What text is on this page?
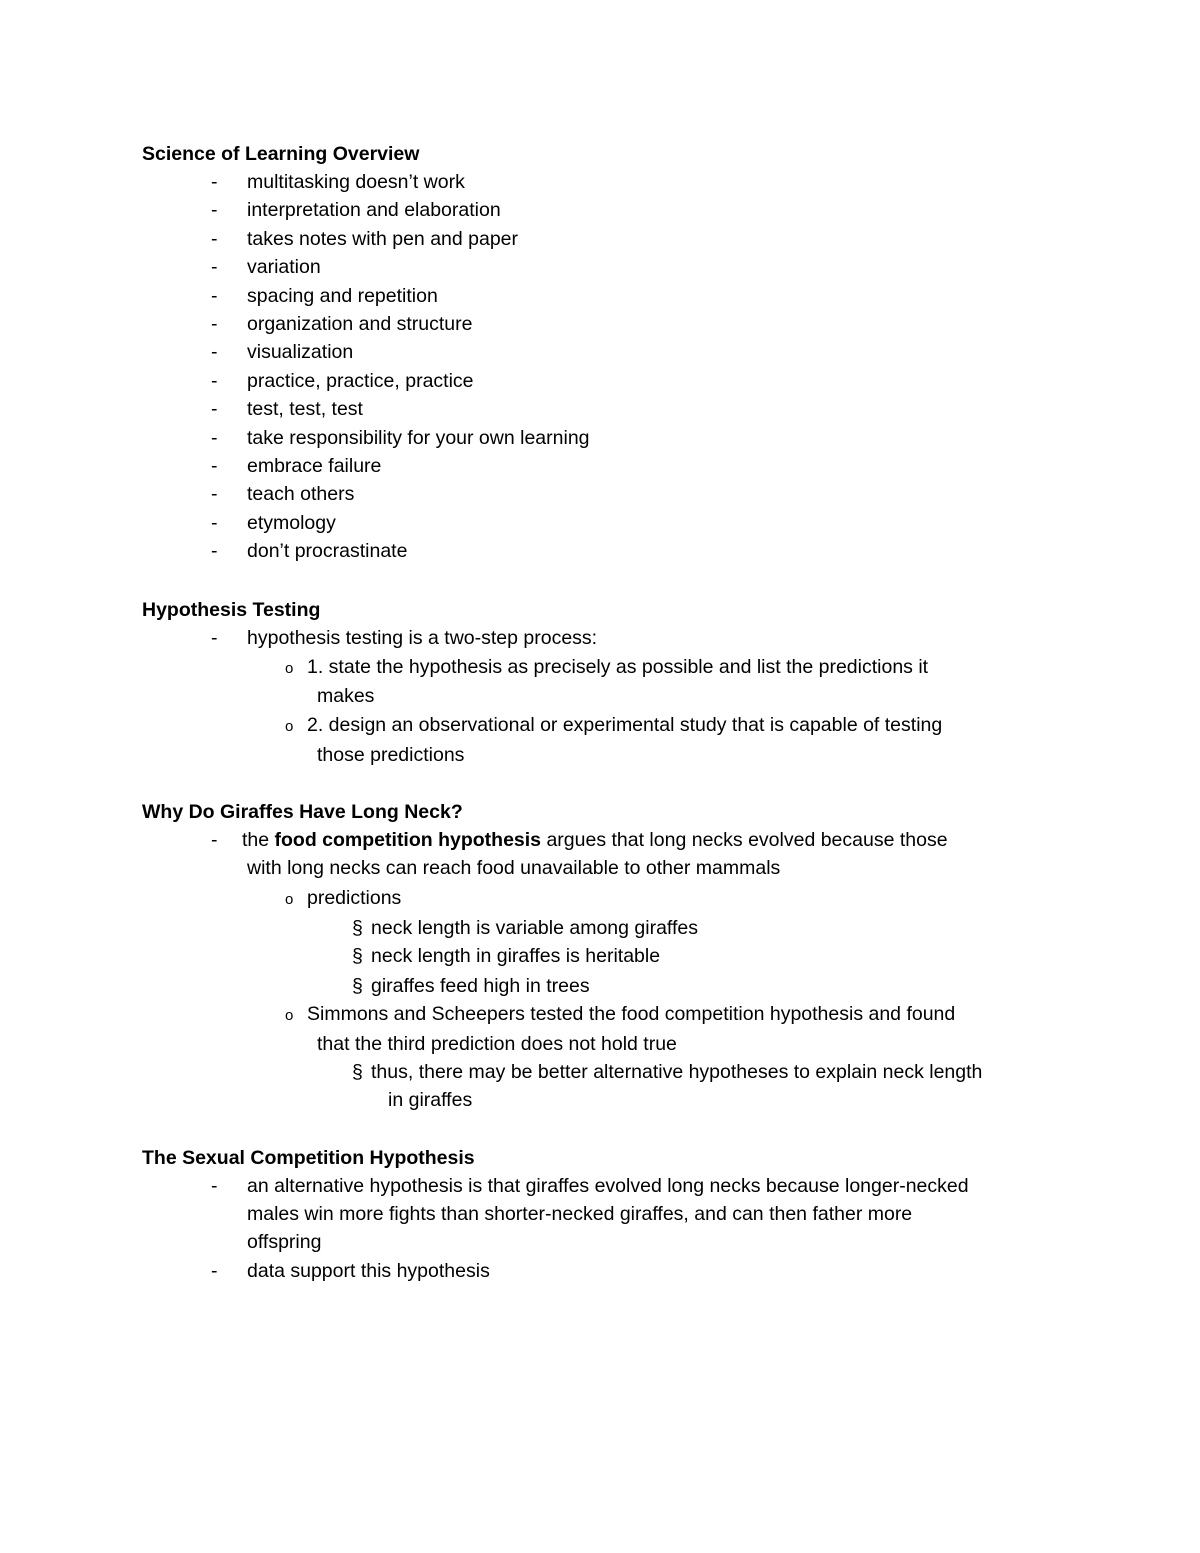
Science of Learning Overview
- multitasking doesn’t work
- interpretation and elaboration
- takes notes with pen and paper
- variation
- spacing and repetition
- organization and structure
- visualization
- practice, practice, practice
- test, test, test
- take responsibility for your own learning
- embrace failure
- teach others
- etymology
- don’t procrastinate
Hypothesis Testing
- hypothesis testing is a two-step process:
o 1. state the hypothesis as precisely as possible and list the predictions it
makes
o 2. design an observational or experimental study that is capable of testing
those predictions
Why Do Giraffes Have Long Neck?
- the food competition hypothesis argues that long necks evolved because those
with long necks can reach food unavailable to other mammals
o predictions
§ neck length is variable among giraffes
§ neck length in giraffes is heritable
§ giraffes feed high in trees
o Simmons and Scheepers tested the food competition hypothesis and found
that the third prediction does not hold true
§ thus, there may be better alternative hypotheses to explain neck length
in giraffes
The Sexual Competition Hypothesis
- an alternative hypothesis is that giraffes evolved long necks because longer-necked
males win more fights than shorter-necked giraffes, and can then father more
offspring
- data support this hypothesis
